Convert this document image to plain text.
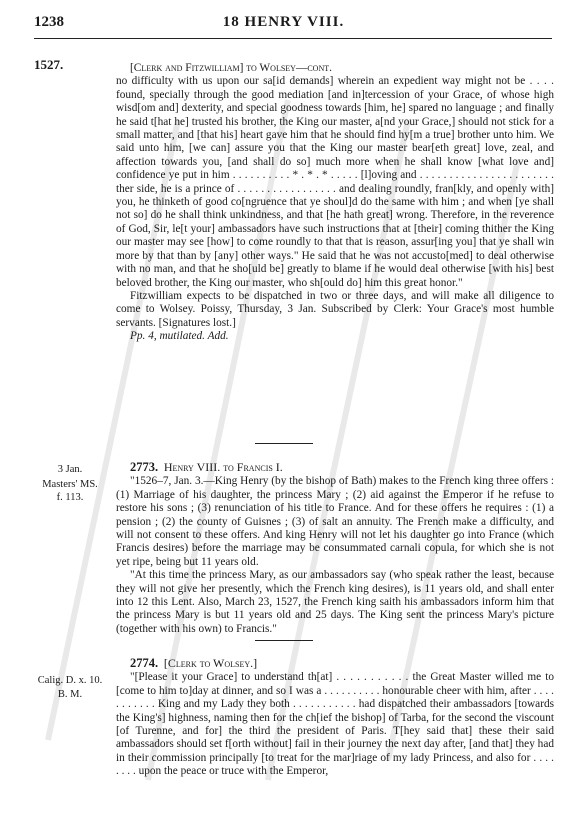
1238	18 HENRY VIII.
1527.	[Clerk and Fitzwilliam] to Wolsey—cont.

no difficulty with us upon our sa[id demands] wherein an expedient way might not be . . . . found, specially through the good mediation [and in]tercession of your Grace, of whose high wisd[om and] dexterity, and special goodness towards [him, he] spared no language ; and finally he said t[hat he] trusted his brother, the King our master, a[nd your Grace,] should not stick for a small matter, and [that his] heart gave him that he should find hy[m a true] brother unto him. We said unto him, [we can] assure you that the King our master bear[eth great] love, zeal, and affection towards you, [and shall do so] much more when he shall know [what love and] confidence ye put in him . . . . . . . . . . * . * . * . . . . . [l]oving and . . . . . . . . . . . . . . . . . . . . . . . ther side, he is a prince of . . . . . . . . . . . . . . . . . and dealing roundly, fran[kly, and openly with] you, he thinketh of good co[ngruence that ye shoul]d do the same with him ; and when [ye shall not so] do he shall think unkindness, and that [he hath great] wrong. Therefore, in the reverence of God, Sir, le[t your] ambassadors have such instructions that at [their] coming thither the King our master may see [how] to come roundly to that that is reason, assur[ing you] that ye shall win more by that than by [any] other ways." He said that he was not accusto[med] to deal otherwise with no man, and that he sho[uld be] greatly to blame if he would deal otherwise [with his] best beloved brother, the King our master, who sh[ould do] him this great honor."

Fitzwilliam expects to be dispatched in two or three days, and will make all diligence to come to Wolsey. Poissy, Thursday, 3 Jan. Subscribed by Clerk: Your Grace's most humble servants. [Signatures lost.]

Pp. 4, mutilated. Add.

3 Jan.
Masters' MS.
f. 113.

2773. Henry VIII. to Francis I.

"1526–7, Jan. 3.—King Henry (by the bishop of Bath) makes to the French king three offers : (1) Marriage of his daughter, the princess Mary ; (2) aid against the Emperor if he refuse to restore his sons ; (3) renunciation of his title to France. And for these offers he requires : (1) a pension ; (2) the county of Guisnes ; (3) of salt an annuity. The French make a difficulty, and will not consent to these offers. And king Henry will not let his daughter go into France (which Francis desires) before the marriage may be consummated carnali copula, for which she is not yet ripe, being but 11 years old.

"At this time the princess Mary, as our ambassadors say (who speak rather the least, because they will not give her presently, which the French king desires), is 11 years old, and shall enter into 12 this Lent. Also, March 23, 1527, the French king saith his ambassadors inform him that the princess Mary is but 11 years old and 25 days. The King sent the princess Mary's picture (together with his own) to Francis."

Calig. D. x. 10.
B. M.

2774. [Clerk to Wolsey.]

"[Please it your Grace] to understand th[at] . . . . . . . . . . . the Great Master willed me to [come to him to]day at dinner, and so I was a . . . . . . . . . . honourable cheer with him, after . . . . . . . . . . . King and my Lady they both . . . . . . . . . . . had dispatched their ambassadors [towards the King's] highness, naming then for the ch[ief the bishop] of Tarba, for the second the viscount [of Turenne, and for] the third the president of Paris. T[hey said that] these their said ambassadors should set f[orth without] fail in their journey the next day after, [and that] they had in their commission principally [to treat for the mar]riage of my lady Princess, and also for . . . . . . . . upon the peace or truce with the Emperor,
